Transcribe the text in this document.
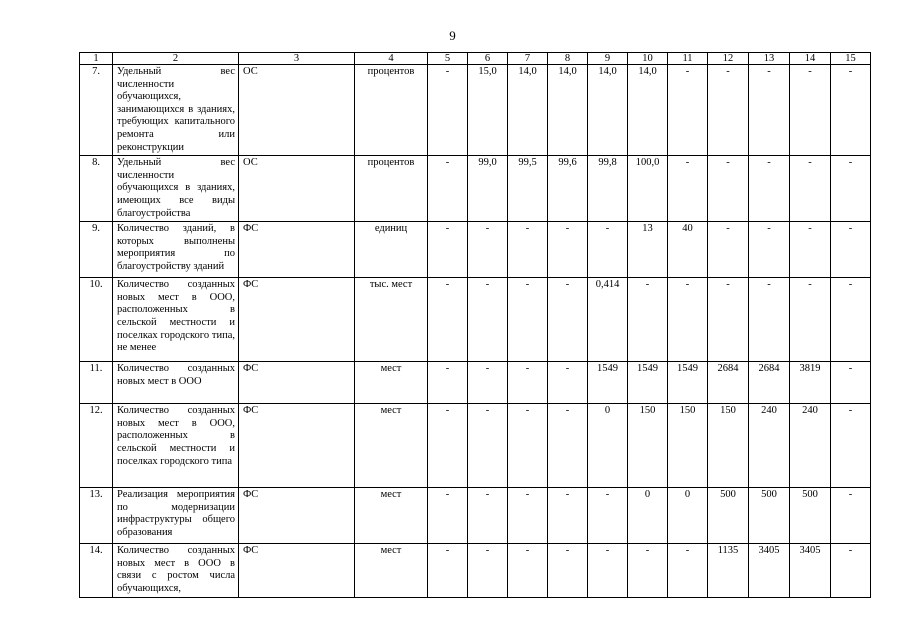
9
1	2	3	4	5	6	7	8	9	10	11	12	13	14	15
7.	Удельный вес численности обучающихся, занимающихся в зданиях, требующих капитального ремонта или реконструкции	ОС	процентов	-	15,0	14,0	14,0	14,0	14,0	-	-	-	-	-
8.	Удельный вес численности обучающихся в зданиях, имеющих все виды благоустройства	ОС	процентов	-	99,0	99,5	99,6	99,8	100,0	-	-	-	-	-
9.	Количество зданий, в которых выполнены мероприятия по благоустройству зданий	ФС	единиц	-	-	-	-	-	13	40	-	-	-	-
10.	Количество созданных новых мест в ООО, расположенных в сельской местности и поселках городского типа, не менее	ФС	тыс. мест	-	-	-	-	0,414	-	-	-	-	-	-
11.	Количество созданных новых мест в ООО	ФС	мест	-	-	-	-	1549	1549	1549	2684	2684	3819	-
12.	Количество созданных новых мест в ООО, расположенных в сельской местности и поселках городского типа	ФС	мест	-	-	-	-	0	150	150	150	240	240	-
13.	Реализация мероприятия по модернизации инфраструктуры общего образования	ФС	мест	-	-	-	-	-	0	0	500	500	500	-
14.	Количество созданных новых мест в ООО в связи с ростом числа обучающихся,	ФС	мест	-	-	-	-	-	-	-	1135	3405	3405	-
